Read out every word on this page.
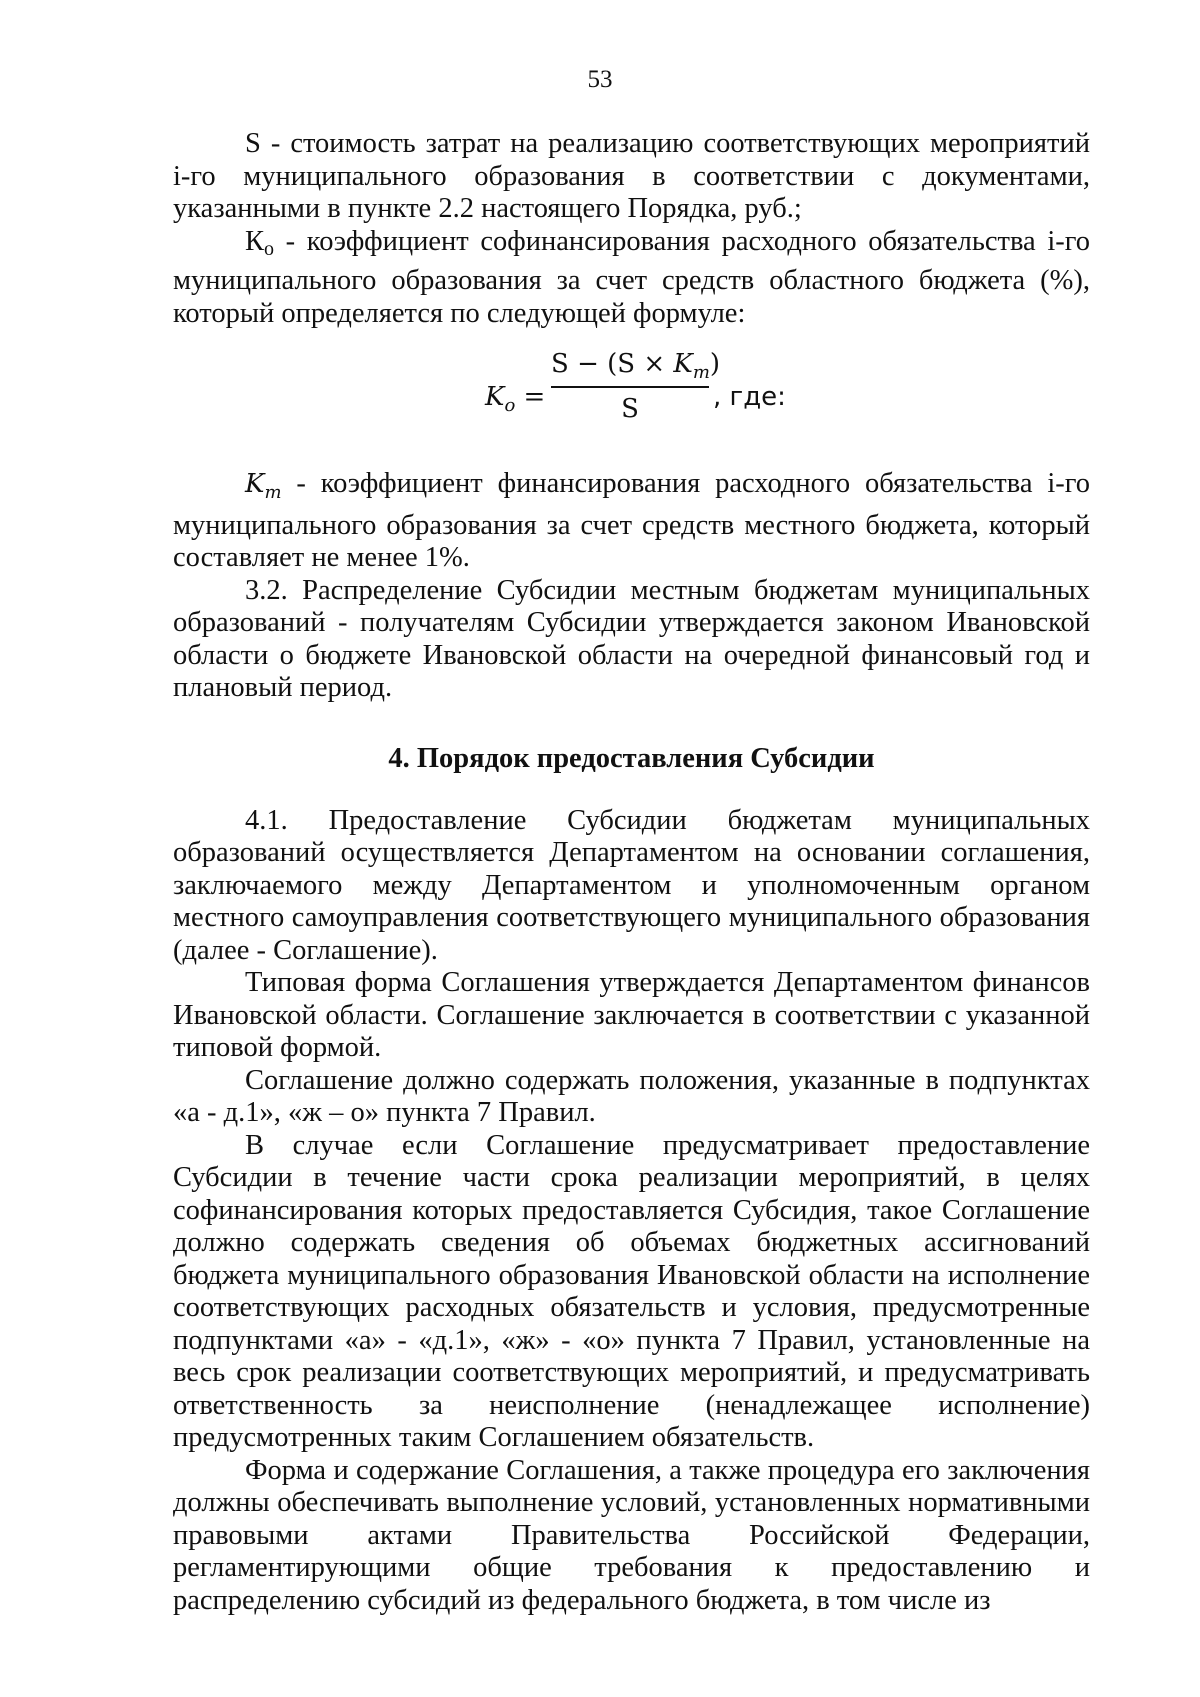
53

S - стоимость затрат на реализацию соответствующих мероприятий i-го муниципального образования в соответствии с документами, указанными в пункте 2.2 настоящего Порядка, руб.;

$К_о$ - коэффициент софинансирования расходного обязательства i-го муниципального образования за счет средств областного бюджета (%), который определяется по следующей формуле:

$K_o$ =
$S - (S \times K_m)$
S	, где:

$K_m$ - коэффициент финансирования расходного обязательства i-го муниципального образования за счет средств местного бюджета, который составляет не менее 1%.

3.2. Распределение Субсидии местным бюджетам муниципальных образований - получателям Субсидии утверждается законом Ивановской области о бюджете Ивановской области на очередной финансовый год и плановый период.

4. Порядок предоставления Субсидии

4.1. Предоставление Субсидии бюджетам муниципальных образований осуществляется Департаментом на основании соглашения, заключаемого между Департаментом и уполномоченным органом местного самоуправления соответствующего муниципального образования (далее - Соглашение).

Типовая форма Соглашения утверждается Департаментом финансов Ивановской области. Соглашение заключается в соответствии с указанной типовой формой.

Соглашение должно содержать положения, указанные в подпунктах «а - д.1», «ж – о» пункта 7 Правил.

В случае если Соглашение предусматривает предоставление Субсидии в течение части срока реализации мероприятий, в целях софинансирования которых предоставляется Субсидия, такое Соглашение должно содержать сведения об объемах бюджетных ассигнований бюджета муниципального образования Ивановской области на исполнение соответствующих расходных обязательств и условия, предусмотренные подпунктами «а» - «д.1», «ж» - «о» пункта 7 Правил, установленные на весь срок реализации соответствующих мероприятий, и предусматривать ответственность за неисполнение (ненадлежащее исполнение) предусмотренных таким Соглашением обязательств.

Форма и содержание Соглашения, а также процедура его заключения должны обеспечивать выполнение условий, установленных нормативными правовыми актами Правительства Российской Федерации, регламентирующими общие требования к предоставлению и распределению субсидий из федерального бюджета, в том числе из
